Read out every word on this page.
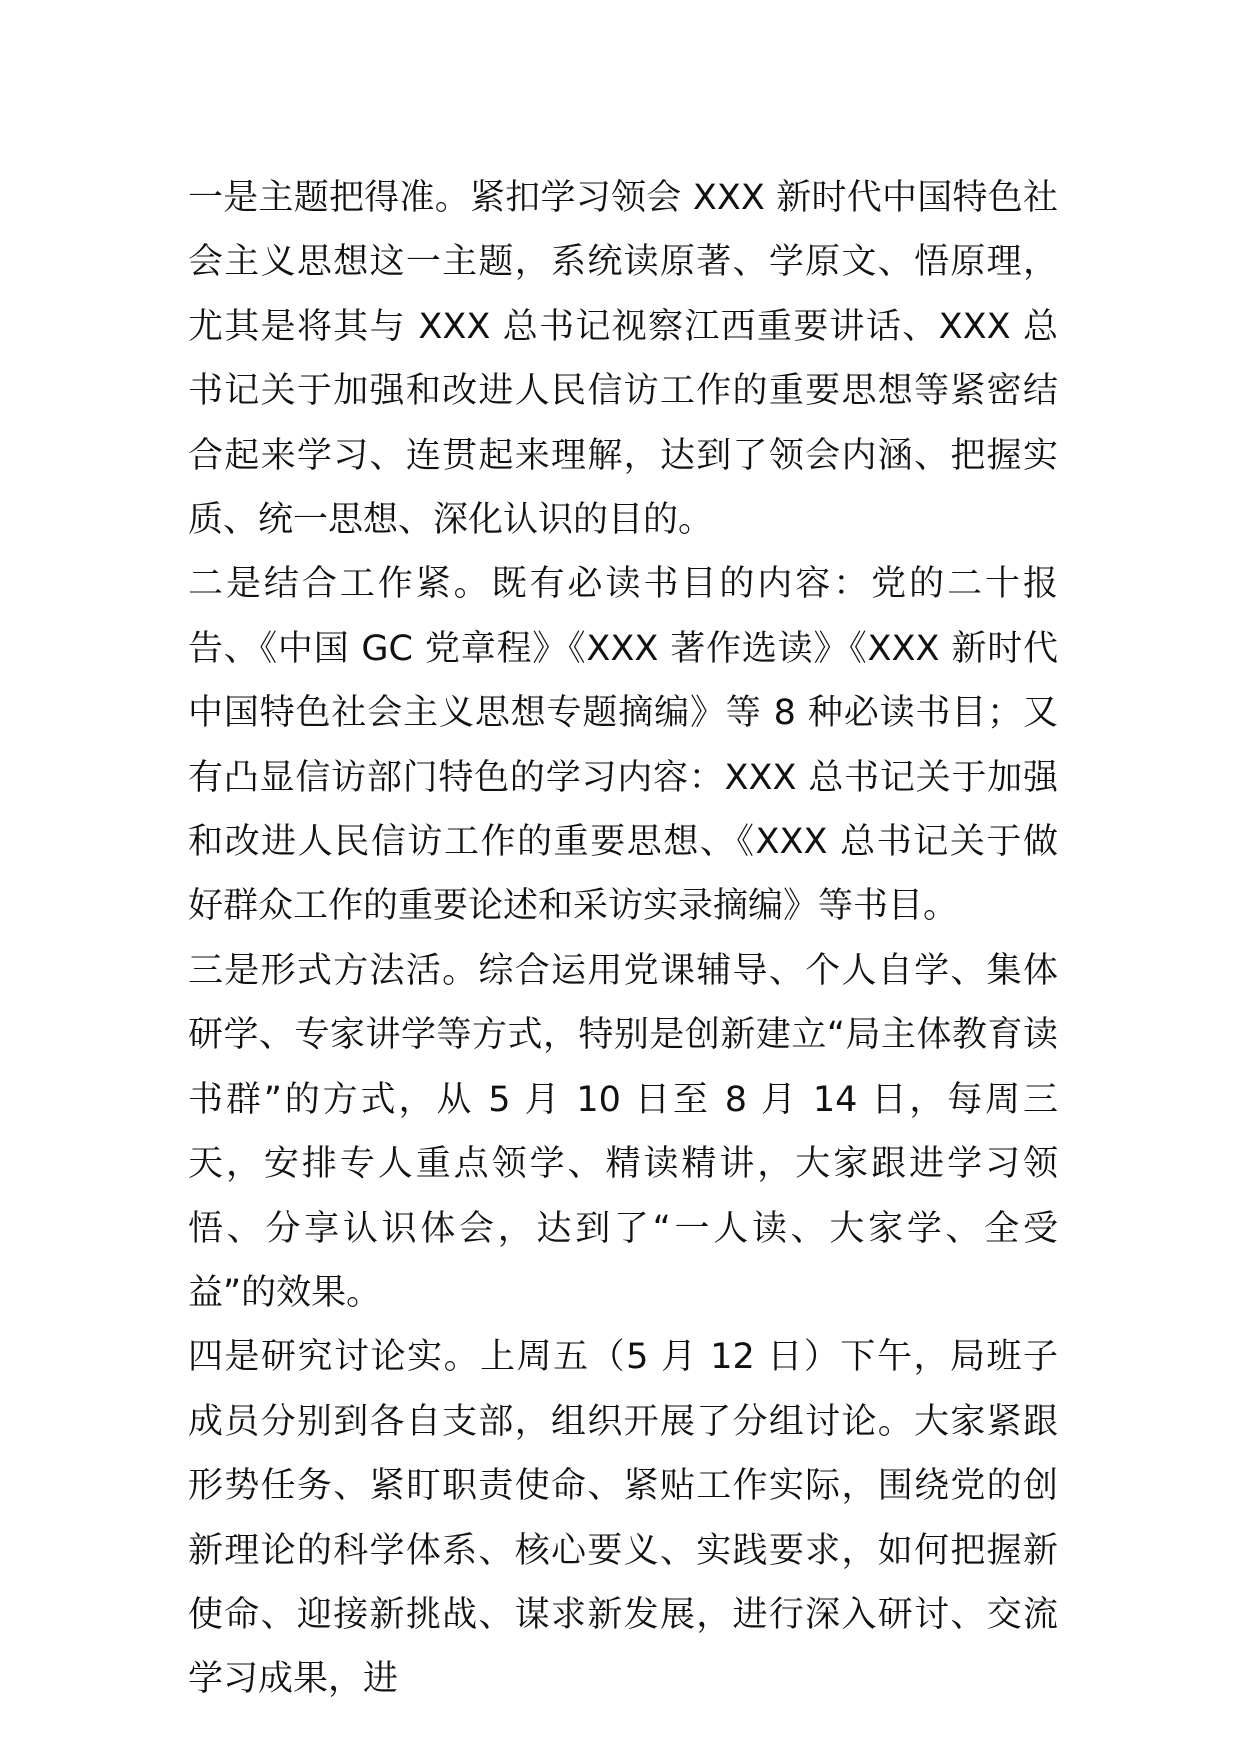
一是主题把得准。紧扣学习领会 XXX 新时代中国特色社会主义思想这一主题，系统读原著、学原文、悟原理，尤其是将其与 XXX 总书记视察江西重要讲话、XXX 总书记关于加强和改进人民信访工作的重要思想等紧密结合起来学习、连贯起来理解，达到了领会内涵、把握实质、统一思想、深化认识的目的。

二是结合工作紧。既有必读书目的内容：党的二十报告、《中国 GC 党章程》《XXX 著作选读》《XXX 新时代中国特色社会主义思想专题摘编》等 8 种必读书目；又有凸显信访部门特色的学习内容：XXX 总书记关于加强和改进人民信访工作的重要思想、《XXX 总书记关于做好群众工作的重要论述和采访实录摘编》等书目。

三是形式方法活。综合运用党课辅导、个人自学、集体研学、专家讲学等方式，特别是创新建立“局主体教育读书群”的方式，从 5 月 10 日至 8 月 14 日，每周三天，安排专人重点领学、精读精讲，大家跟进学习领悟、分享认识体会，达到了“一人读、大家学、全受益”的效果。

四是研究讨论实。上周五（5 月 12 日）下午，局班子成员分别到各自支部，组织开展了分组讨论。大家紧跟形势任务、紧盯职责使命、紧贴工作实际，围绕党的创新理论的科学体系、核心要义、实践要求，如何把握新使命、迎接新挑战、谋求新发展，进行深入研讨、交流学习成果，进
